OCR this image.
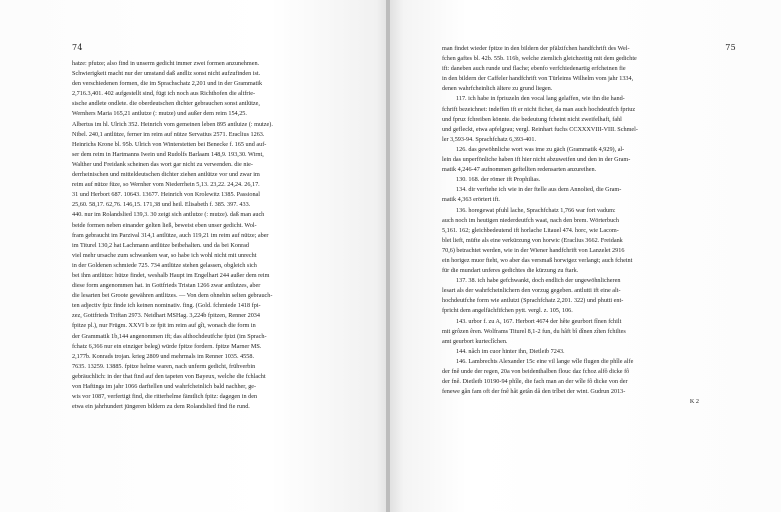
74
hatze: pfutze; also find in unserm gedicht immer zwei formen anzunehmen.
Schwierigkeit macht nur der umstand daß andliz sonst nicht aufzufinden ist.
den verschiedenen formen, die im Sprachschatz 2,201 und in der Grammatik
2,716.3,401. 402 aufgestellt sind, fügt ich noch aus Richthofen die altfrie-
sische andlete ondlete. die oberdeutschen dichter gebrauchen sonst antlütze,
Wernhers Maria 165,21 antlutze (: mutze) und außer dem reim 154,25.
Albertus im hl. Ulrich 352. Heinrich vom gemeinen leben 895 antluize (: mutze).
Nibel. 240,1 antlütze, ferner im reim auf nütze Servatius 2571. Eraclius 1263.
Heinrichs Krone bl. 95b. Ulrich von Winterstetten bei Benecke f. 165 und auf-
ser dem reim in Hartmanns Iwein und Rudolfs Barlaam 148,9. 193,30. Wirnt,
Walther und Freidank scheinen das wort gar nicht zu verwenden. die nie-
derrheinischen und mitteldeutschen dichter ziehen antlütze vor und zwar im
reim auf nütze füze, so Wernher vom Niederrhein 5,13. 23,22. 24,24. 26,17.
31 und Herbort 687. 10643. 13677. Heinrich von Krolewitz 1385. Passional
25,60. 58,17. 62,76. 146,15. 171,38 und heil. Elisabeth f. 385. 397. 433.
440. nur im Rolandslied 139,3. 30 zeigt sich antlutze (: mutze). daß man auch
beide formen neben einander gelten ließ, beweist eben unser gedicht. Wol-
fram gebraucht im Parzival 314,1 antlütze, auch 119,21 im reim auf nütze; aber
im Titurel 130,2 hat Lachmann antlütze beibehalten. und da bei Konrad
viel mehr ursache zum schwanken war, so habe ich wohl nicht mit unrecht
in der Goldenen schmiede 725. 734 antlütze stehen gelassen, obgleich sich
bei ihm antlütze: hütze findet, weshalb Haupt im Engelhart 244 außer dem reim
diese form angenommen hat. in Gottfrieds Tristan 1266 zwar antlutzes, aber
die lesarten bei Groote gewähren antlitzes. — Von dem ohnehin selten gebrauch-
ten adjectiv fpiz finde ich keinen nominativ. fing. (Gold. fchmiede 1418 fpi-
zez, Gottfrieds Triftan 2973. Neidhart MSHag. 3,224b fpitzen, Renner 2034
fpitze pl.), nur Frügm. XXVI b ze fpit im reim auf gît, wonach die form in
der Grammatik 1b,144 angenommen ift; das althochdeutfche fpizi (im Sprach-
fchatz 6,366 nur ein einziger beleg) würde fpitze fordern. fpitze Marner MS.
2,177b. Konrads trojan. krieg 2809 und mehrmals im Renner 1035. 4558.
7635. 13259. 13885. fpitze helme waren, nach unferm gedicht, frühverbin
gebräuchlich: in der that find auf den tapeten von Bayeux, welche die fchlacht
von Haftings im jahr 1066 darftellen und wahrfcheinlich bald nachher, ge-
wis vor 1087, verfertigt find, die ritterhelme fämtlich fpitz: dagegen in den
etwa ein jahrhundert jüngeren bildern zu dem Rolandslied find fie rund.
75
man findet wieder fpitze in den bildern der pfälzifchen handfchrift des Wel-
fchen gaftes bl. 42b. 55b. 116b, welche ziemlich gleichzeitig mit dem gedichte
ift: daneben auch runde und flache; ebenfo verfchiedenartig erfcheinen fie
in den bildern der Caffeler handfchrift von Türleims Wilhelm vom jahr 1334,
denen wahrfcheinlich ältere zu grund liegen.
117. ich habe in fpriuzeln den vocal lang gelaffen, wie ihn die hand-
fchrift bezeichnet: indeffen ift er nicht ficher, da man auch hochdeutfch fpriuz
und fpruz fchreiben könnte. die bedeutung fcheint nicht zweifelhaft, fahl
und gefleckt, etwa apfelgrau; vergl. Reinhart fuchs CCXXXVIII-VIII. Schmel-
ler 3,593-94. Sprachfchatz 6,393-401.
126. das gewöhnliche wort was ime zu gäch (Grammatik 4,929), al-
lein das unperfönliche haben ift hier nicht abzuweifen und den in der Gram-
matik 4,246-47 aufnommen geftellten redensarten anzureihen.
130. 168. der römer ift Prophilias.
134. dir verftehe ich wie in der ftelle aus dem Annolied, die Gram-
matik 4,363 erörtert ift.
136. horegewat pfuhl lache, Sprachfchatz 1,766 war fort vadum:
auch noch im heutigen niederdeutfch waat, nach den brem. Wörterbuch
5,161. 162; gleichbedeutend ift horlache Litauel 474. horc, wie Lacom-
blet lieft, müfte als eine verkürzung von horwic (Eraclius 3662. Freidank
70,6) betrachtet werden, wie in der Wiener handfchrift von Lanzelet 2916
ein horigez muor fteht, wo aber das versmaß horwigez verlangt; auch fcheint
für die mundart unferes gedichtes die kürzung zu ftark.
137. 38. ich habe gefchwankt, doch endlich der ungewöhnlicheren
lesart als der wahrfcheinlichern den vorzug gegeben. antlutti ift eine alt-
hochdeutfche form wie antlutzi (Sprachfchatz 2,201. 322) und phutti ent-
fpricht dem angelfächfifchen pytt. vergl. z. 105, 106.
143. urbor f. zu A, 167. Herbort 4674 der hête geurbort fînen fchilt
mit grôzen êren. Wolframs Titurel 8,1-2 fun, du hâft bî dînen zîten fchiltes
amt geurbort kurteclîchen.
144. nâch im cuor hinter ihn, Dietleib 7243.
146. Lambrechts Alexander 15c eine vil lange wîle flugen die phîle alfe
der fnê unde der regen, 20a von beidenthalben flouc daz fchoz alfô dicke fô
der fnê. Dietleib 10190-94 phîle, die fach man an der wîle fô dicke von der
fenewe gân fam oft der fnê hât getân dâ den trîbet der wint. Gudrun 2013-
K 2
